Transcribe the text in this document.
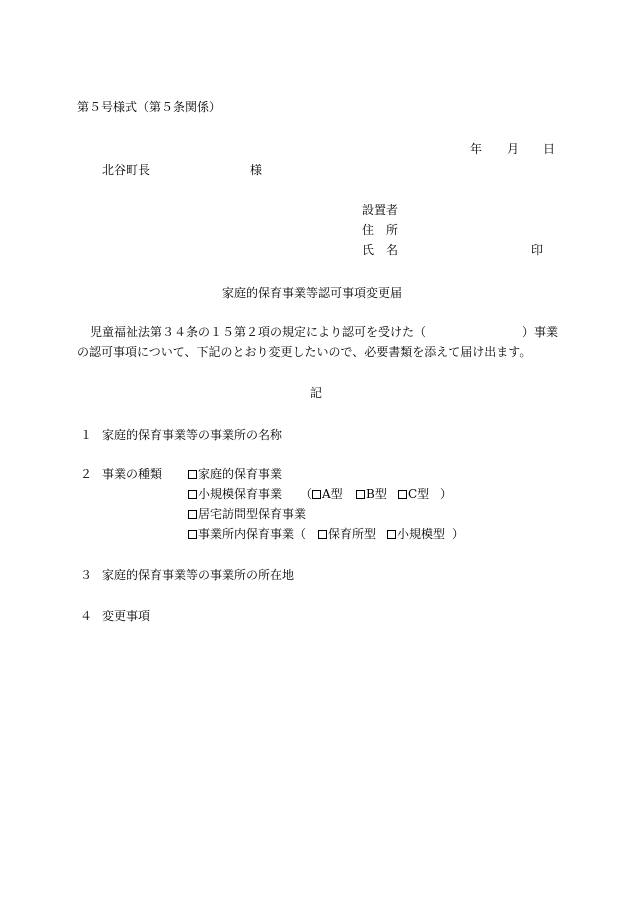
第５号様式（第５条関係）
年 月 日
北谷町長	様
設置者
住　所
氏　名	印
家庭的保育事業等認可事項変更届
児童福祉法第３４条の１５第２項の規定により認可を受けた（	）事業
の認可事項について、下記のとおり変更したいので、必要書類を添えて届け出ます。
記
１ 家庭的保育事業等の事業所の名称
２ 事業の種類	家庭的保育事業
小規模保育事業 （ A型	B型	C型 ）
居宅訪問型保育事業
事業所内保育事業（	保育所型	小規模型 ）
３ 家庭的保育事業等の事業所の所在地
４ 変更事項
